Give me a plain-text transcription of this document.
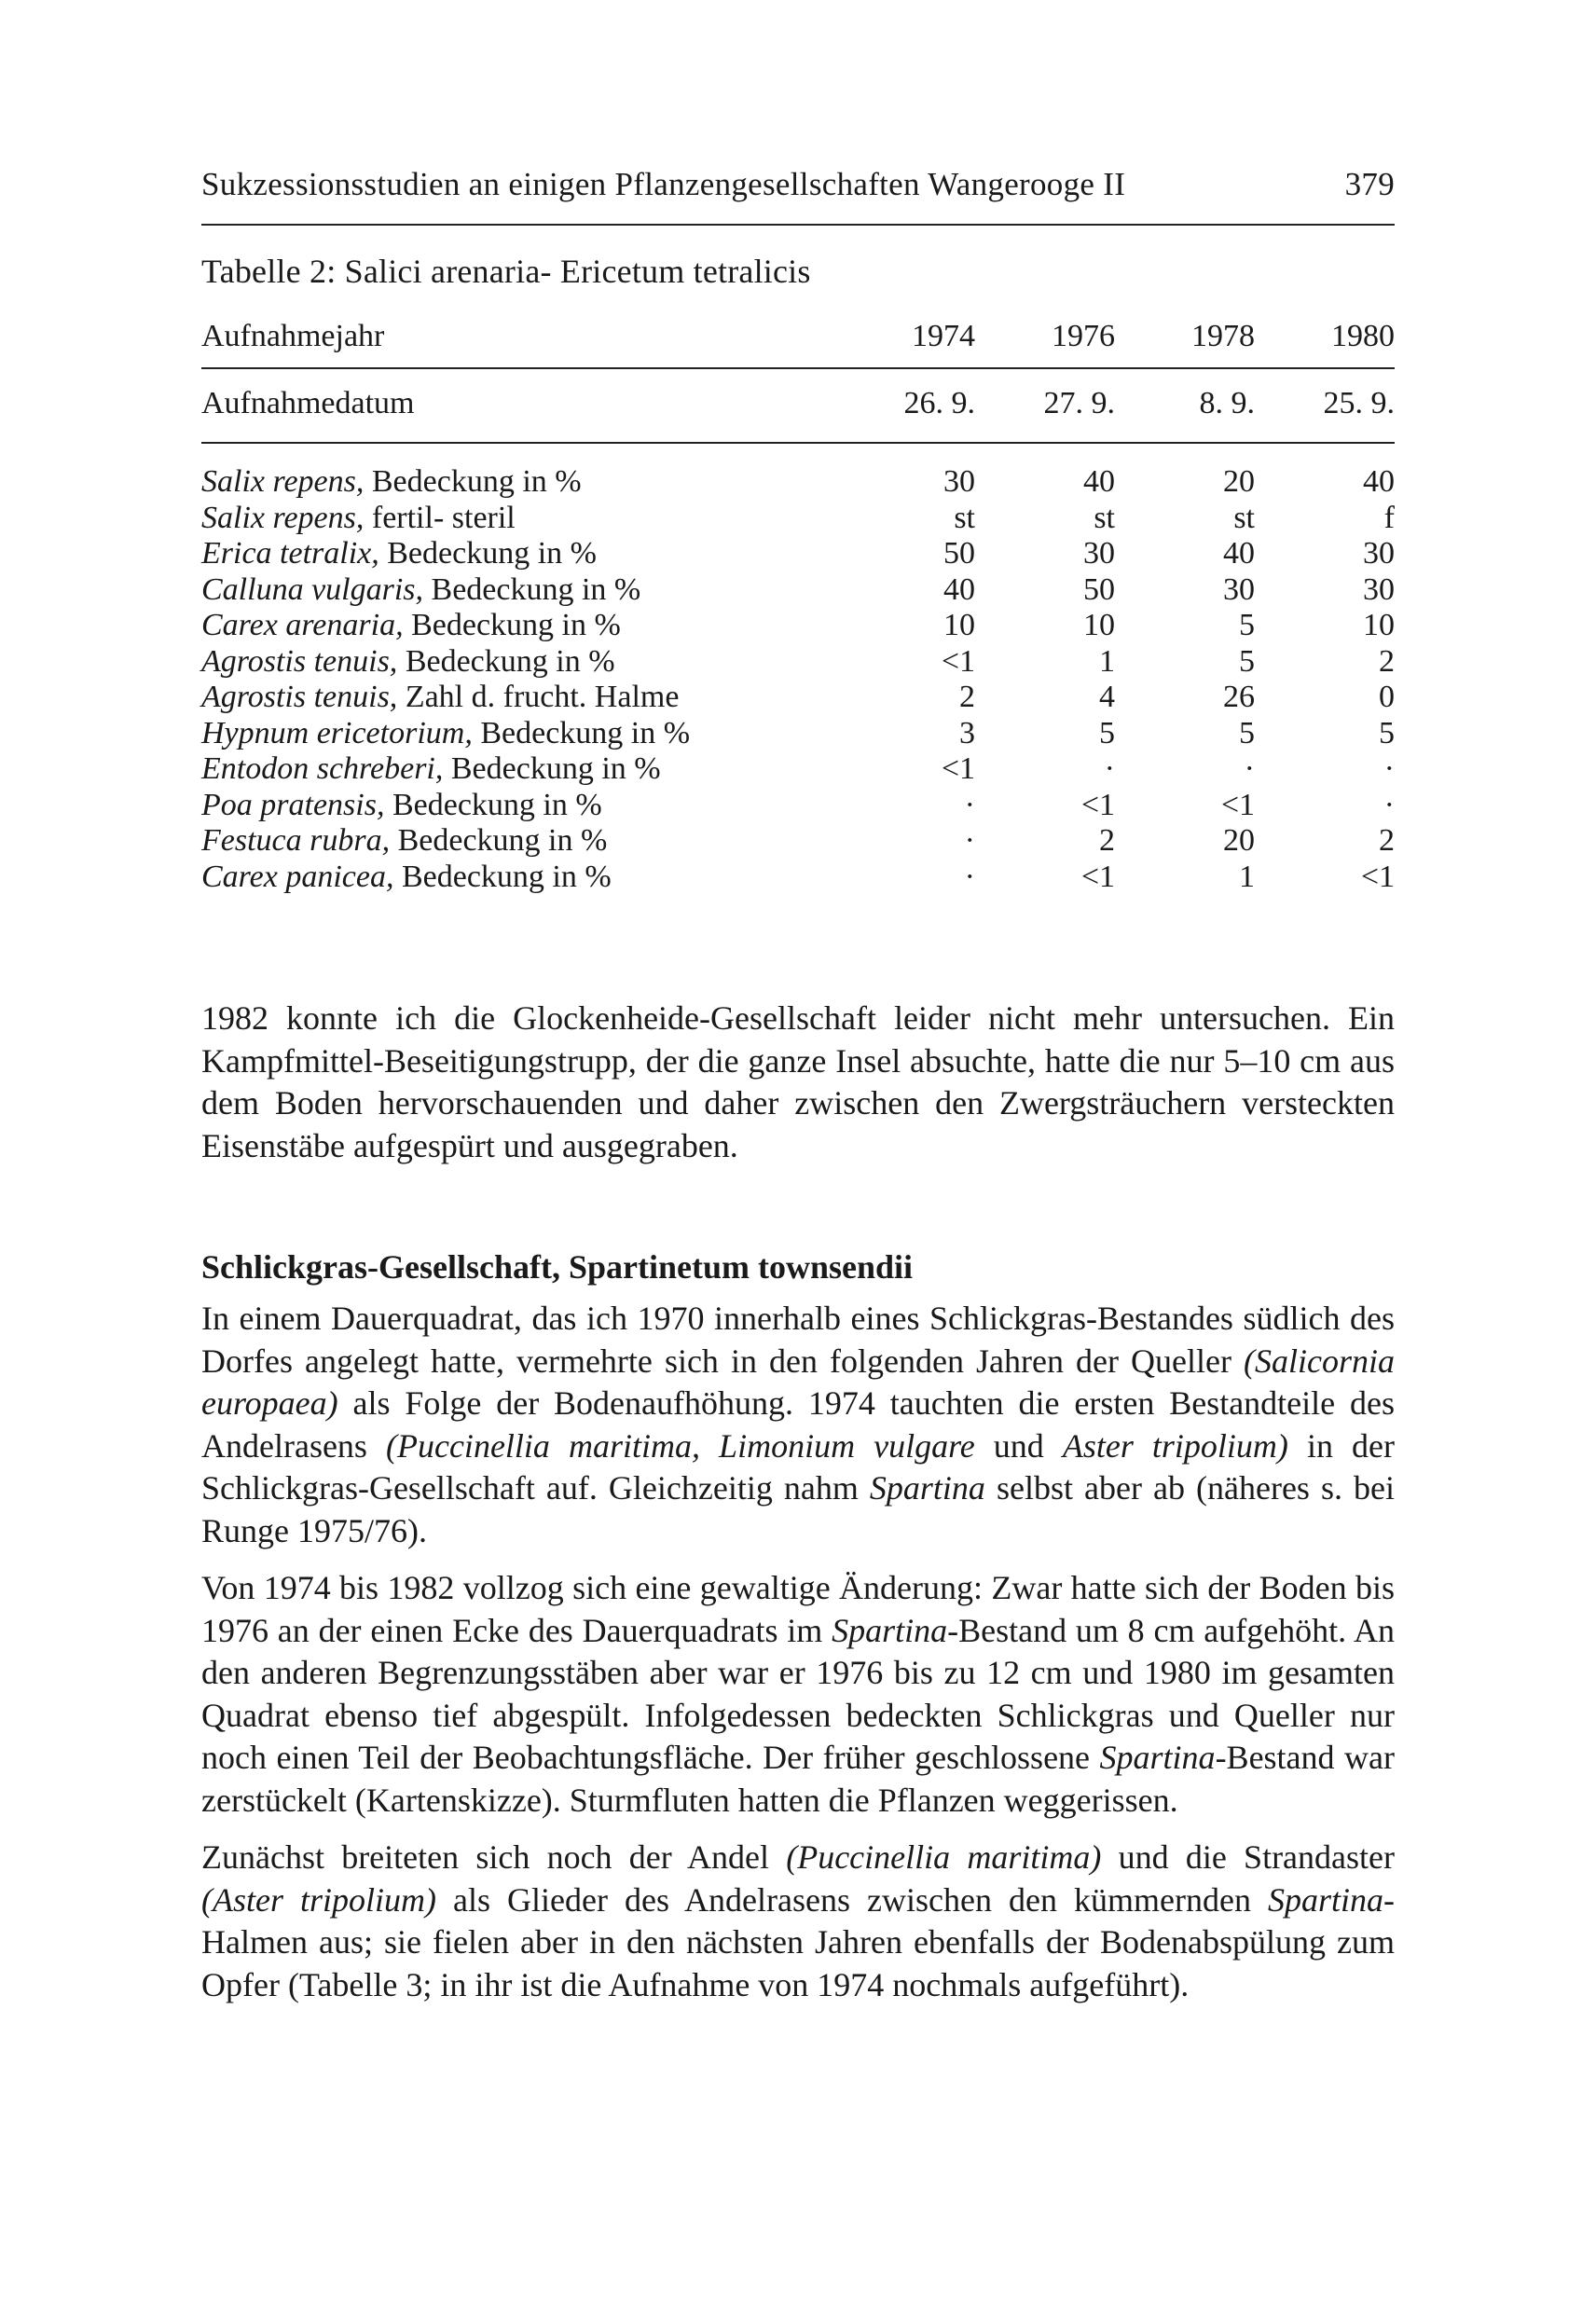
Sukzessionsstudien an einigen Pflanzengesellschaften Wangerooge II	379
Tabelle 2: Salici arenaria- Ericetum tetralicis
Aufnahmejahr	1974	1976	1978	1980
Aufnahmedatum	26. 9.	27. 9.	8. 9.	25. 9.
Salix repens, Bedeckung in %	30	40	20	40
Salix repens, fertil- steril	st	st	st	f
Erica tetralix, Bedeckung in %	50	30	40	30
Calluna vulgaris, Bedeckung in %	40	50	30	30
Carex arenaria, Bedeckung in %	10	10	5	10
Agrostis tenuis, Bedeckung in %	<1	1	5	2
Agrostis tenuis, Zahl d. frucht. Halme	2	4	26	0
Hypnum ericetorium, Bedeckung in %	3	5	5	5
Entodon schreberi, Bedeckung in %	<1	·	·	·
Poa pratensis, Bedeckung in %	·	<1	<1	·
Festuca rubra, Bedeckung in %	·	2	20	2
Carex panicea, Bedeckung in %	·	<1	1	<1

1982 konnte ich die Glockenheide-Gesellschaft leider nicht mehr untersuchen. Ein Kampfmittel-Beseitigungstrupp, der die ganze Insel absuchte, hatte die nur 5–10 cm aus dem Boden hervorschauenden und daher zwischen den Zwergsträuchern versteckten Eisenstäbe aufgespürt und ausgegraben.

Schlickgras-Gesellschaft, Spartinetum townsendii

In einem Dauerquadrat, das ich 1970 innerhalb eines Schlickgras-Bestandes südlich des Dorfes angelegt hatte, vermehrte sich in den folgenden Jahren der Queller (Salicornia europaea) als Folge der Bodenaufhöhung. 1974 tauchten die ersten Bestandteile des Andelrasens (Puccinellia maritima, Limonium vulgare und Aster tripolium) in der Schlickgras-Gesellschaft auf. Gleichzeitig nahm Spartina selbst aber ab (näheres s. bei Runge 1975/76).

Von 1974 bis 1982 vollzog sich eine gewaltige Änderung: Zwar hatte sich der Boden bis 1976 an der einen Ecke des Dauerquadrats im Spartina-Bestand um 8 cm aufgehöht. An den anderen Begrenzungsstäben aber war er 1976 bis zu 12 cm und 1980 im gesamten Quadrat ebenso tief abgespült. Infolgedessen bedeckten Schlickgras und Queller nur noch einen Teil der Beobachtungsfläche. Der früher geschlossene Spartina-Bestand war zerstückelt (Kartenskizze). Sturmfluten hatten die Pflanzen weggerissen.

Zunächst breiteten sich noch der Andel (Puccinellia maritima) und die Strandaster (Aster tripolium) als Glieder des Andelrasens zwischen den kümmernden Spartina-Halmen aus; sie fielen aber in den nächsten Jahren ebenfalls der Bodenabspülung zum Opfer (Tabelle 3; in ihr ist die Aufnahme von 1974 nochmals aufgeführt).
